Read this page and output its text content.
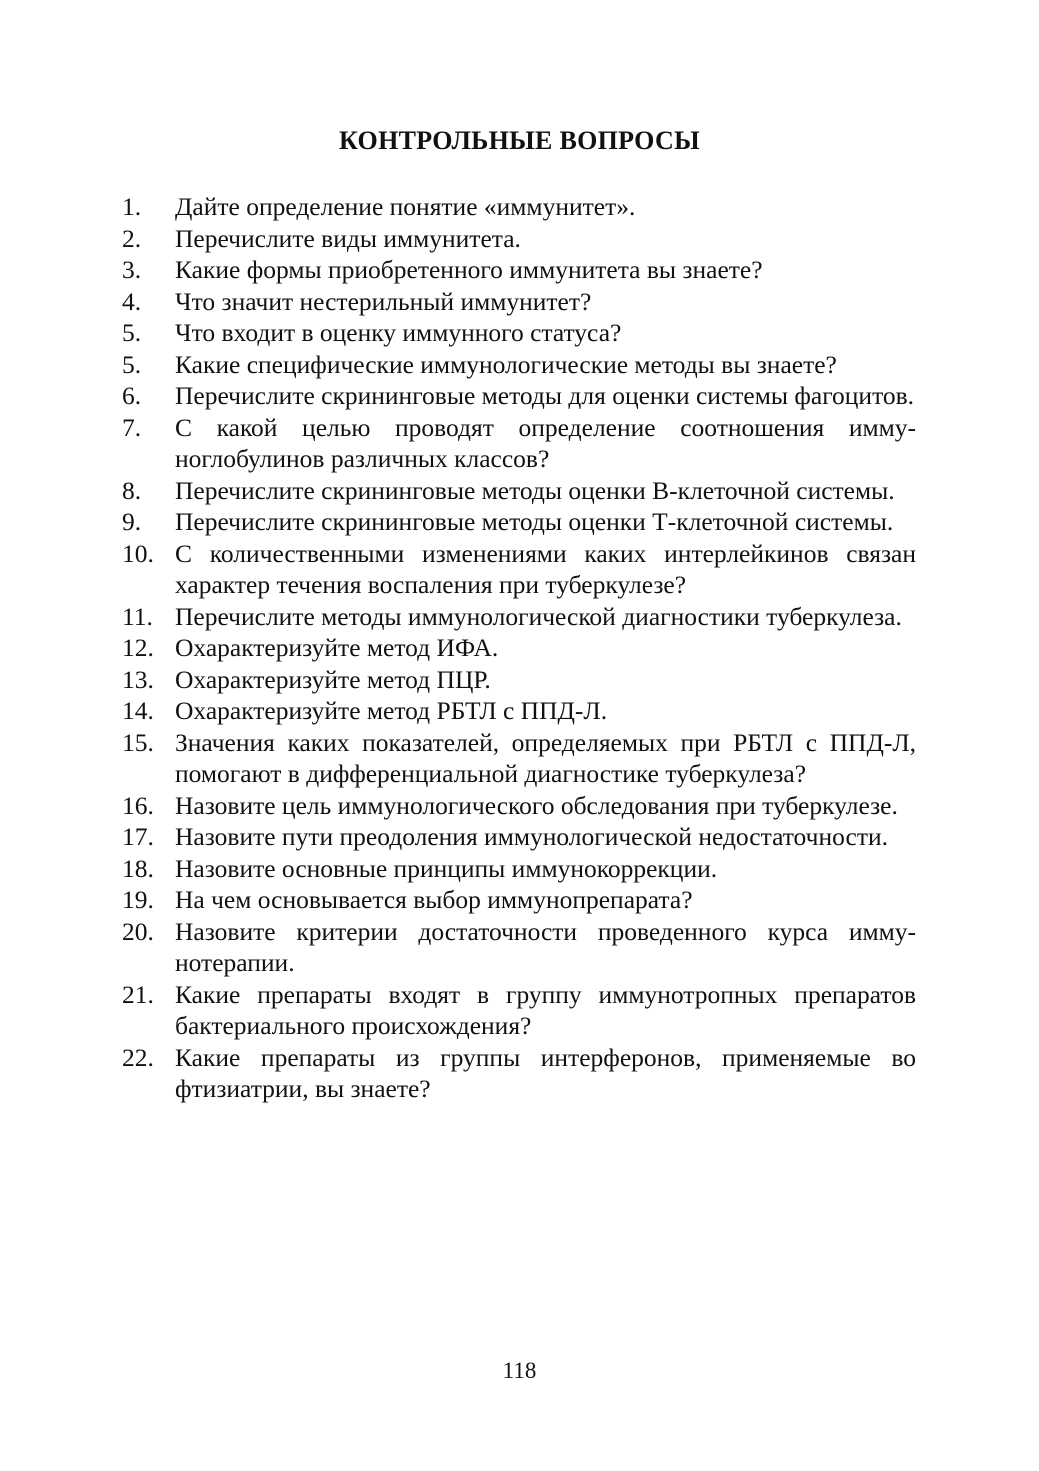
КОНТРОЛЬНЫЕ ВОПРОСЫ
1.	Дайте определение понятие «иммунитет».
2.	Перечислите виды иммунитета.
3.	Какие формы приобретенного иммунитета вы знаете?
4.	Что значит нестерильный иммунитет?
5.	Что входит в оценку иммунного статуса?
5.	Какие специфические иммунологические методы вы знаете?
6.	Перечислите скрининговые методы для оценки системы фагоцитов.
7.	С какой целью проводят определение соотношения иммуноглобулинов различных классов?
8.	Перечислите скрининговые методы оценки В-клеточной системы.
9.	Перечислите скрининговые методы оценки Т-клеточной системы.
10. С количественными изменениями каких интерлейкинов связан характер течения воспаления при туберкулезе?
11. Перечислите методы иммунологической диагностики туберкулеза.
12. Охарактеризуйте метод ИФА.
13. Охарактеризуйте метод ПЦР.
14. Охарактеризуйте метод РБТЛ с ППД-Л.
15. Значения каких показателей, определяемых при РБТЛ с ППД-Л, помогают в дифференциальной диагностике туберкулеза?
16. Назовите цель иммунологического обследования при туберкулезе.
17. Назовите пути преодоления иммунологической недостаточности.
18. Назовите основные принципы иммунокоррекции.
19. На чем основывается выбор иммунопрепарата?
20. Назовите критерии достаточности проведенного курса иммунотерапии.
21. Какие препараты входят в группу иммунотропных препаратов бактериального происхождения?
22. Какие препараты из группы интерферонов, применяемые во фтизиатрии, вы знаете?
118
